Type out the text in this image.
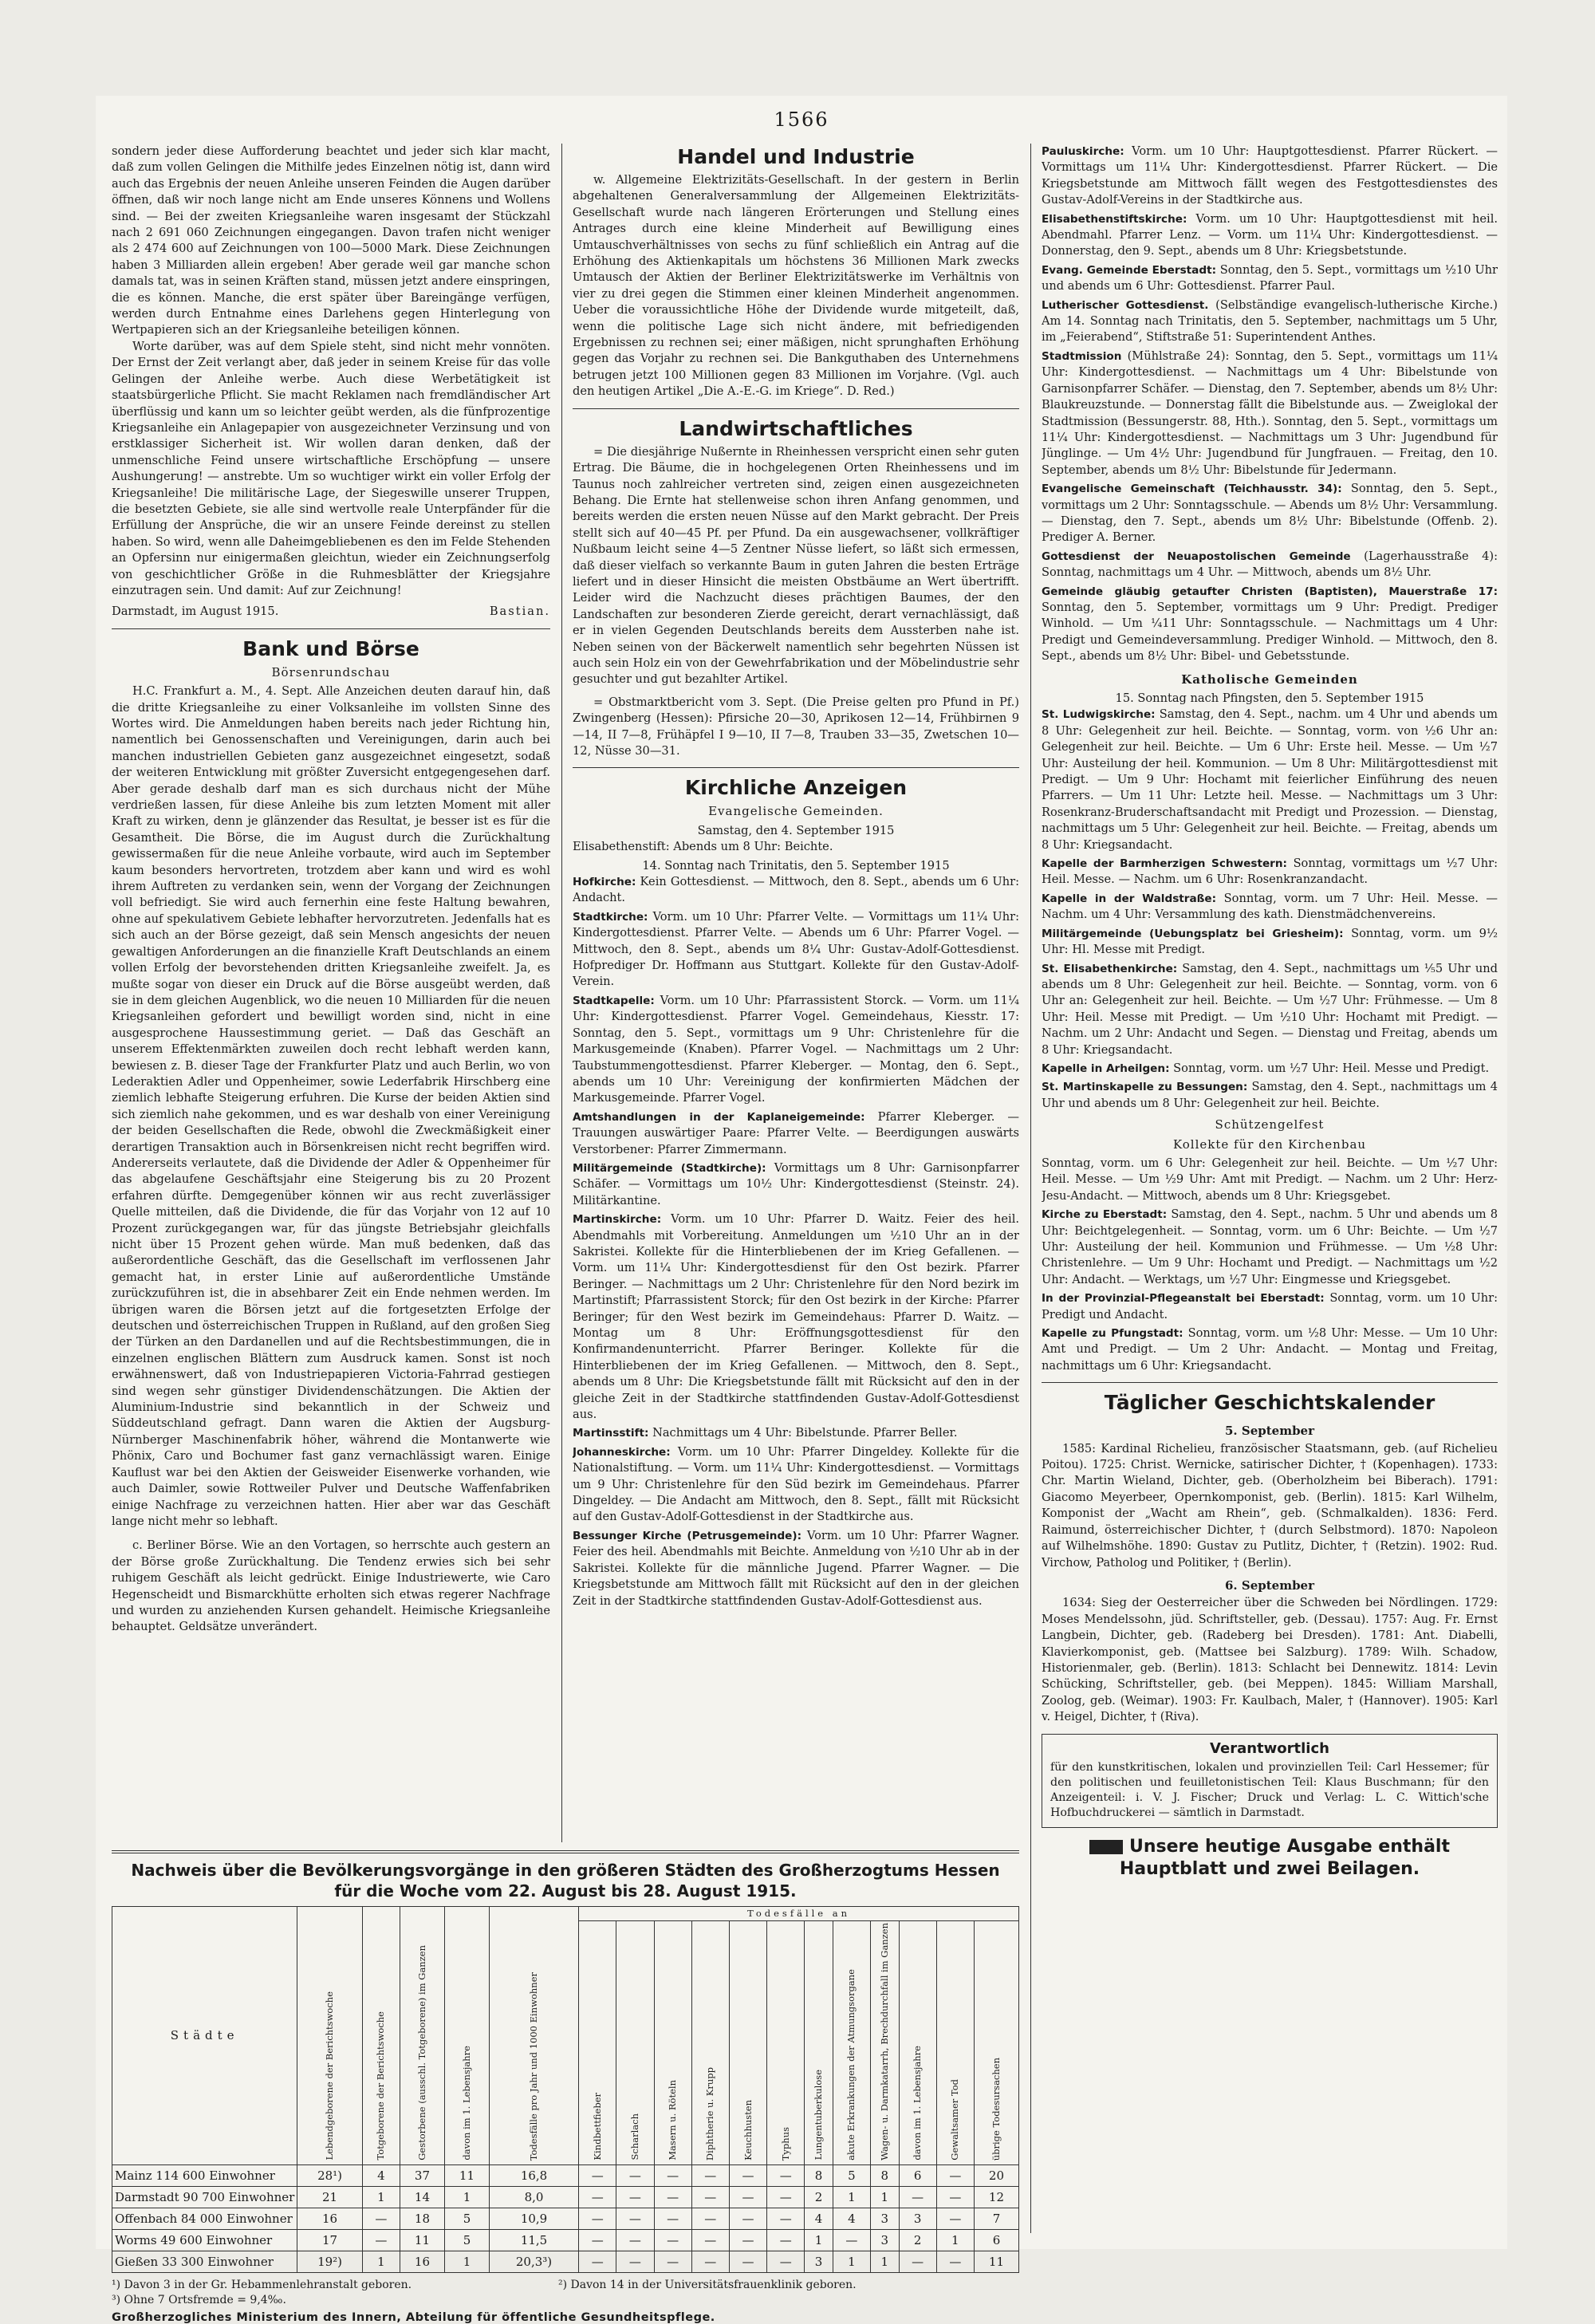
1566

sondern jeder diese Aufforderung beachtet und jeder sich klar macht, daß zum vollen Gelingen die Mithilfe jedes Einzelnen nötig ist, dann wird auch das Ergebnis der neuen Anleihe unseren Feinden die Augen darüber öffnen, daß wir noch lange nicht am Ende unseres Könnens und Wollens sind. — Bei der zweiten Kriegsanleihe waren insgesamt der Stückzahl nach 2 691 060 Zeichnungen eingegangen. Davon trafen nicht weniger als 2 474 600 auf Zeichnungen von 100—5000 Mark. Diese Zeichnungen haben 3 Milliarden allein ergeben! Aber gerade weil gar manche schon damals tat, was in seinen Kräften stand, müssen jetzt andere einspringen, die es können. Manche, die erst später über Bareingänge verfügen, werden durch Entnahme eines Darlehens gegen Hinterlegung von Wertpapieren sich an der Kriegsanleihe beteiligen können.

Worte darüber, was auf dem Spiele steht, sind nicht mehr vonnöten. Der Ernst der Zeit verlangt aber, daß jeder in seinem Kreise für das volle Gelingen der Anleihe werbe. Auch diese Werbetätigkeit ist staatsbürgerliche Pflicht. Sie macht Reklamen nach fremdländischer Art überflüssig und kann um so leichter geübt werden, als die fünfprozentige Kriegsanleihe ein Anlagepapier von ausgezeichneter Verzinsung und von erstklassiger Sicherheit ist. Wir wollen daran denken, daß der unmenschliche Feind unsere wirtschaftliche Erschöpfung — unsere Aushungerung! — anstrebte. Um so wuchtiger wirkt ein voller Erfolg der Kriegsanleihe! Die militärische Lage, der Siegeswille unserer Truppen, die besetzten Gebiete, sie alle sind wertvolle reale Unterpfänder für die Erfüllung der Ansprüche, die wir an unsere Feinde dereinst zu stellen haben. So wird, wenn alle Daheimgebliebenen es den im Felde Stehenden an Opfersinn nur einigermaßen gleichtun, wieder ein Zeichnungserfolg von geschichtlicher Größe in die Ruhmesblätter der Kriegsjahre einzutragen sein. Und damit: Auf zur Zeichnung!

Darmstadt, im August 1915.	Bastian.
Bank und Börse
Börsenrundschau

H.C. Frankfurt a. M., 4. Sept. Alle Anzeichen deuten darauf hin, daß die dritte Kriegsanleihe zu einer Volksanleihe im vollsten Sinne des Wortes wird. Die Anmeldungen haben bereits nach jeder Richtung hin, namentlich bei Genossenschaften und Vereinigungen, darin auch bei manchen industriellen Gebieten ganz ausgezeichnet eingesetzt, sodaß der weiteren Entwicklung mit größter Zuversicht entgegengesehen darf. Aber gerade deshalb darf man es sich durchaus nicht der Mühe verdrießen lassen, für diese Anleihe bis zum letzten Moment mit aller Kraft zu wirken, denn je glänzender das Resultat, je besser ist es für die Gesamtheit. Die Börse, die im August durch die Zurückhaltung gewissermaßen für die neue Anleihe vorbaute, wird auch im September kaum besonders hervortreten, trotzdem aber kann und wird es wohl ihrem Auftreten zu verdanken sein, wenn der Vorgang der Zeichnungen voll befriedigt. Sie wird auch fernerhin eine feste Haltung bewahren, ohne auf spekulativem Gebiete lebhafter hervorzutreten. Jedenfalls hat es sich auch an der Börse gezeigt, daß sein Mensch angesichts der neuen gewaltigen Anforderungen an die finanzielle Kraft Deutschlands an einem vollen Erfolg der bevorstehenden dritten Kriegsanleihe zweifelt. Ja, es mußte sogar von dieser ein Druck auf die Börse ausgeübt werden, daß sie in dem gleichen Augenblick, wo die neuen 10 Milliarden für die neuen Kriegsanleihen gefordert und bewilligt worden sind, nicht in eine ausgesprochene Haussestimmung geriet. — Daß das Geschäft an unserem Effektenmärkten zuweilen doch recht lebhaft werden kann, bewiesen z. B. dieser Tage der Frankfurter Platz und auch Berlin, wo von Lederaktien Adler und Oppenheimer, sowie Lederfabrik Hirschberg eine ziemlich lebhafte Steigerung erfuhren. Die Kurse der beiden Aktien sind sich ziemlich nahe gekommen, und es war deshalb von einer Vereinigung der beiden Gesellschaften die Rede, obwohl die Zweckmäßigkeit einer derartigen Transaktion auch in Börsenkreisen nicht recht begriffen wird. Andererseits verlautete, daß die Dividende der Adler & Oppenheimer für das abgelaufene Geschäftsjahr eine Steigerung bis zu 20 Prozent erfahren dürfte. Demgegenüber können wir aus recht zuverlässiger Quelle mitteilen, daß die Dividende, die für das Vorjahr von 12 auf 10 Prozent zurückgegangen war, für das jüngste Betriebsjahr gleichfalls nicht über 15 Prozent gehen würde. Man muß bedenken, daß das außerordentliche Geschäft, das die Gesellschaft im verflossenen Jahr gemacht hat, in erster Linie auf außerordentliche Umstände zurückzuführen ist, die in absehbarer Zeit ein Ende nehmen werden. Im übrigen waren die Börsen jetzt auf die fortgesetzten Erfolge der deutschen und österreichischen Truppen in Rußland, auf den großen Sieg der Türken an den Dardanellen und auf die Rechtsbestimmungen, die in einzelnen englischen Blättern zum Ausdruck kamen. Sonst ist noch erwähnenswert, daß von Industriepapieren Victoria-Fahrrad gestiegen sind wegen sehr günstiger Dividendenschätzungen. Die Aktien der Aluminium-Industrie sind bekanntlich in der Schweiz und Süddeutschland gefragt. Dann waren die Aktien der Augsburg-Nürnberger Maschinenfabrik höher, während die Montanwerte wie Phönix, Caro und Bochumer fast ganz vernachlässigt waren. Einige Kauflust war bei den Aktien der Geisweider Eisenwerke vorhanden, wie auch Daimler, sowie Rottweiler Pulver und Deutsche Waffenfabriken einige Nachfrage zu verzeichnen hatten. Hier aber war das Geschäft lange nicht mehr so lebhaft.

c. Berliner Börse. Wie an den Vortagen, so herrschte auch gestern an der Börse große Zurückhaltung. Die Tendenz erwies sich bei sehr ruhigem Geschäft als leicht gedrückt. Einige Industriewerte, wie Caro Hegenscheidt und Bismarckhütte erholten sich etwas regerer Nachfrage und wurden zu anziehenden Kursen gehandelt. Heimische Kriegsanleihe behauptet. Geldsätze unverändert.

Handel und Industrie

w. Allgemeine Elektrizitäts-Gesellschaft. In der gestern in Berlin abgehaltenen Generalversammlung der Allgemeinen Elektrizitäts-Gesellschaft wurde nach längeren Erörterungen und Stellung eines Antrages durch eine kleine Minderheit auf Bewilligung eines Umtauschverhältnisses von sechs zu fünf schließlich ein Antrag auf die Erhöhung des Aktienkapitals um höchstens 36 Millionen Mark zwecks Umtausch der Aktien der Berliner Elektrizitätswerke im Verhältnis von vier zu drei gegen die Stimmen einer kleinen Minderheit angenommen. Ueber die voraussichtliche Höhe der Dividende wurde mitgeteilt, daß, wenn die politische Lage sich nicht ändere, mit befriedigenden Ergebnissen zu rechnen sei; einer mäßigen, nicht sprunghaften Erhöhung gegen das Vorjahr zu rechnen sei. Die Bankguthaben des Unternehmens betrugen jetzt 100 Millionen gegen 83 Millionen im Vorjahre. (Vgl. auch den heutigen Artikel „Die A.-E.-G. im Kriege“. D. Red.)

Landwirtschaftliches

= Die diesjährige Nußernte in Rheinhessen verspricht einen sehr guten Ertrag. Die Bäume, die in hochgelegenen Orten Rheinhessens und im Taunus noch zahlreicher vertreten sind, zeigen einen ausgezeichneten Behang. Die Ernte hat stellenweise schon ihren Anfang genommen, und bereits werden die ersten neuen Nüsse auf den Markt gebracht. Der Preis stellt sich auf 40—45 Pf. per Pfund. Da ein ausgewachsener, vollkräftiger Nußbaum leicht seine 4—5 Zentner Nüsse liefert, so läßt sich ermessen, daß dieser vielfach so verkannte Baum in guten Jahren die besten Erträge liefert und in dieser Hinsicht die meisten Obstbäume an Wert übertrifft. Leider wird die Nachzucht dieses prächtigen Baumes, der den Landschaften zur besonderen Zierde gereicht, derart vernachlässigt, daß er in vielen Gegenden Deutschlands bereits dem Aussterben nahe ist. Neben seinen von der Bäckerwelt namentlich sehr begehrten Nüssen ist auch sein Holz ein von der Gewehrfabrikation und der Möbelindustrie sehr gesuchter und gut bezahlter Artikel.

= Obstmarktbericht vom 3. Sept. (Die Preise gelten pro Pfund in Pf.) Zwingenberg (Hessen): Pfirsiche 20—30, Aprikosen 12—14, Frühbirnen 9—14, II 7—8, Frühäpfel I 9—10, II 7—8, Trauben 33—35, Zwetschen 10—12, Nüsse 30—31.

Kirchliche Anzeigen
Evangelische Gemeinden.

Samstag, den 4. September 1915

Elisabethenstift: Abends um 8 Uhr: Beichte.

14. Sonntag nach Trinitatis, den 5. September 1915

Hofkirche: Kein Gottesdienst. — Mittwoch, den 8. Sept., abends um 6 Uhr: Andacht.

Stadtkirche: Vorm. um 10 Uhr: Pfarrer Velte. — Vormittags um 11¼ Uhr: Kindergottesdienst. Pfarrer Velte. — Abends um 6 Uhr: Pfarrer Vogel. — Mittwoch, den 8. Sept., abends um 8¼ Uhr: Gustav-Adolf-Gottesdienst. Hofprediger Dr. Hoffmann aus Stuttgart. Kollekte für den Gustav-Adolf-Verein.

Stadtkapelle: Vorm. um 10 Uhr: Pfarrassistent Storck. — Vorm. um 11¼ Uhr: Kindergottesdienst. Pfarrer Vogel. Gemeindehaus, Kiesstr. 17: Sonntag, den 5. Sept., vormittags um 9 Uhr: Christenlehre für die Markusgemeinde (Knaben). Pfarrer Vogel. — Nachmittags um 2 Uhr: Taubstummengottesdienst. Pfarrer Kleberger. — Montag, den 6. Sept., abends um 10 Uhr: Vereinigung der konfirmierten Mädchen der Markusgemeinde. Pfarrer Vogel.

Amtshandlungen in der Kaplaneigemeinde: Pfarrer Kleberger. — Trauungen auswärtiger Paare: Pfarrer Velte. — Beerdigungen auswärts Verstorbener: Pfarrer Zimmermann.

Militärgemeinde (Stadtkirche): Vormittags um 8 Uhr: Garnisonpfarrer Schäfer. — Vormittags um 10½ Uhr: Kindergottesdienst (Steinstr. 24). Militärkantine.

Martinskirche: Vorm. um 10 Uhr: Pfarrer D. Waitz. Feier des heil. Abendmahls mit Vorbereitung. Anmeldungen um ½10 Uhr an in der Sakristei. Kollekte für die Hinterbliebenen der im Krieg Gefallenen. — Vorm. um 11¼ Uhr: Kindergottesdienst für den Ost bezirk. Pfarrer Beringer. — Nachmittags um 2 Uhr: Christenlehre für den Nord bezirk im Martinstift; Pfarrassistent Storck; für den Ost bezirk in der Kirche: Pfarrer Beringer; für den West bezirk im Gemeindehaus: Pfarrer D. Waitz. — Montag um 8 Uhr: Eröffnungsgottesdienst für den Konfirmandenunterricht. Pfarrer Beringer. Kollekte für die Hinterbliebenen der im Krieg Gefallenen. — Mittwoch, den 8. Sept., abends um 8 Uhr: Die Kriegsbetstunde fällt mit Rücksicht auf den in der gleiche Zeit in der Stadtkirche stattfindenden Gustav-Adolf-Gottesdienst aus.

Martinsstift: Nachmittags um 4 Uhr: Bibelstunde. Pfarrer Beller.

Johanneskirche: Vorm. um 10 Uhr: Pfarrer Dingeldey. Kollekte für die Nationalstiftung. — Vorm. um 11¼ Uhr: Kindergottesdienst. — Vormittags um 9 Uhr: Christenlehre für den Süd bezirk im Gemeindehaus. Pfarrer Dingeldey. — Die Andacht am Mittwoch, den 8. Sept., fällt mit Rücksicht auf den Gustav-Adolf-Gottesdienst in der Stadtkirche aus.

Bessunger Kirche (Petrusgemeinde): Vorm. um 10 Uhr: Pfarrer Wagner. Feier des heil. Abendmahls mit Beichte. Anmeldung von ½10 Uhr ab in der Sakristei. Kollekte für die männliche Jugend. Pfarrer Wagner. — Die Kriegsbetstunde am Mittwoch fällt mit Rücksicht auf den in der gleichen Zeit in der Stadtkirche stattfindenden Gustav-Adolf-Gottesdienst aus.

Pauluskirche: Vorm. um 10 Uhr: Hauptgottesdienst. Pfarrer Rückert. — Vormittags um 11¼ Uhr: Kindergottesdienst. Pfarrer Rückert. — Die Kriegsbetstunde am Mittwoch fällt wegen des Festgottesdienstes des Gustav-Adolf-Vereins in der Stadtkirche aus.

Elisabethenstiftskirche: Vorm. um 10 Uhr: Hauptgottesdienst mit heil. Abendmahl. Pfarrer Lenz. — Vorm. um 11¼ Uhr: Kindergottesdienst. — Donnerstag, den 9. Sept., abends um 8 Uhr: Kriegsbetstunde.

Evang. Gemeinde Eberstadt: Sonntag, den 5. Sept., vormittags um ½10 Uhr und abends um 6 Uhr: Gottesdienst. Pfarrer Paul.

Lutherischer Gottesdienst. (Selbständige evangelisch-lutherische Kirche.) Am 14. Sonntag nach Trinitatis, den 5. September, nachmittags um 5 Uhr, im „Feierabend“, Stiftstraße 51: Superintendent Anthes.

Stadtmission (Mühlstraße 24): Sonntag, den 5. Sept., vormittags um 11¼ Uhr: Kindergottesdienst. — Nachmittags um 4 Uhr: Bibelstunde von Garnisonpfarrer Schäfer. — Dienstag, den 7. September, abends um 8½ Uhr: Blaukreuzstunde. — Donnerstag fällt die Bibelstunde aus. — Zweiglokal der Stadtmission (Bessungerstr. 88, Hth.). Sonntag, den 5. Sept., vormittags um 11¼ Uhr: Kindergottesdienst. — Nachmittags um 3 Uhr: Jugendbund für Jünglinge. — Um 4½ Uhr: Jugendbund für Jungfrauen. — Freitag, den 10. September, abends um 8½ Uhr: Bibelstunde für Jedermann.

Evangelische Gemeinschaft (Teichhausstr. 34): Sonntag, den 5. Sept., vormittags um 2 Uhr: Sonntagsschule. — Abends um 8½ Uhr: Versammlung. — Dienstag, den 7. Sept., abends um 8½ Uhr: Bibelstunde (Offenb. 2). Prediger A. Berner.

Gottesdienst der Neuapostolischen Gemeinde (Lagerhausstraße 4): Sonntag, nachmittags um 4 Uhr. — Mittwoch, abends um 8½ Uhr.

Gemeinde gläubig getaufter Christen (Baptisten), Mauerstraße 17: Sonntag, den 5. September, vormittags um 9 Uhr: Predigt. Prediger Winhold. — Um ¼11 Uhr: Sonntagsschule. — Nachmittags um 4 Uhr: Predigt und Gemeindeversammlung. Prediger Winhold. — Mittwoch, den 8. Sept., abends um 8½ Uhr: Bibel- und Gebetsstunde.

Katholische Gemeinden

15. Sonntag nach Pfingsten, den 5. September 1915

St. Ludwigskirche: Samstag, den 4. Sept., nachm. um 4 Uhr und abends um 8 Uhr: Gelegenheit zur heil. Beichte. — Sonntag, vorm. von ½6 Uhr an: Gelegenheit zur heil. Beichte. — Um 6 Uhr: Erste heil. Messe. — Um ½7 Uhr: Austeilung der heil. Kommunion. — Um 8 Uhr: Militärgottesdienst mit Predigt. — Um 9 Uhr: Hochamt mit feierlicher Einführung des neuen Pfarrers. — Um 11 Uhr: Letzte heil. Messe. — Nachmittags um 3 Uhr: Rosenkranz-Bruderschaftsandacht mit Predigt und Prozession. — Dienstag, nachmittags um 5 Uhr: Gelegenheit zur heil. Beichte. — Freitag, abends um 8 Uhr: Kriegsandacht.

Kapelle der Barmherzigen Schwestern: Sonntag, vormittags um ½7 Uhr: Heil. Messe. — Nachm. um 6 Uhr: Rosenkranzandacht.

Kapelle in der Waldstraße: Sonntag, vorm. um 7 Uhr: Heil. Messe. — Nachm. um 4 Uhr: Versammlung des kath. Dienstmädchenvereins.

Militärgemeinde (Uebungsplatz bei Griesheim): Sonntag, vorm. um 9½ Uhr: Hl. Messe mit Predigt.

St. Elisabethenkirche: Samstag, den 4. Sept., nachmittags um ⅕5 Uhr und abends um 8 Uhr: Gelegenheit zur heil. Beichte. — Sonntag, vorm. von 6 Uhr an: Gelegenheit zur heil. Beichte. — Um ½7 Uhr: Frühmesse. — Um 8 Uhr: Heil. Messe mit Predigt. — Um ½10 Uhr: Hochamt mit Predigt. — Nachm. um 2 Uhr: Andacht und Segen. — Dienstag und Freitag, abends um 8 Uhr: Kriegsandacht.

Kapelle in Arheilgen: Sonntag, vorm. um ½7 Uhr: Heil. Messe und Predigt.

St. Martinskapelle zu Bessungen: Samstag, den 4. Sept., nachmittags um 4 Uhr und abends um 8 Uhr: Gelegenheit zur heil. Beichte.

Schützengelfest
Kollekte für den Kirchenbau

Sonntag, vorm. um 6 Uhr: Gelegenheit zur heil. Beichte. — Um ½7 Uhr: Heil. Messe. — Um ½9 Uhr: Amt mit Predigt. — Nachm. um 2 Uhr: Herz-Jesu-Andacht. — Mittwoch, abends um 8 Uhr: Kriegsgebet.

Kirche zu Eberstadt: Samstag, den 4. Sept., nachm. 5 Uhr und abends um 8 Uhr: Beichtgelegenheit. — Sonntag, vorm. um 6 Uhr: Beichte. — Um ½7 Uhr: Austeilung der heil. Kommunion und Frühmesse. — Um ½8 Uhr: Christenlehre. — Um 9 Uhr: Hochamt und Predigt. — Nachmittags um ½2 Uhr: Andacht. — Werktags, um ½7 Uhr: Eingmesse und Kriegsgebet.

In der Provinzial-Pflegeanstalt bei Eberstadt: Sonntag, vorm. um 10 Uhr: Predigt und Andacht.

Kapelle zu Pfungstadt: Sonntag, vorm. um ½8 Uhr: Messe. — Um 10 Uhr: Amt und Predigt. — Um 2 Uhr: Andacht. — Montag und Freitag, nachmittags um 6 Uhr: Kriegsandacht.

Täglicher Geschichtskalender
5. September

1585: Kardinal Richelieu, französischer Staatsmann, geb. (auf Richelieu Poitou). 1725: Christ. Wernicke, satirischer Dichter, † (Kopenhagen). 1733: Chr. Martin Wieland, Dichter, geb. (Oberholzheim bei Biberach). 1791: Giacomo Meyerbeer, Opernkomponist, geb. (Berlin). 1815: Karl Wilhelm, Komponist der „Wacht am Rhein“, geb. (Schmalkalden). 1836: Ferd. Raimund, österreichischer Dichter, † (durch Selbstmord). 1870: Napoleon auf Wilhelmshöhe. 1890: Gustav zu Putlitz, Dichter, † (Retzin). 1902: Rud. Virchow, Patholog und Politiker, † (Berlin).

6. September

1634: Sieg der Oesterreicher über die Schweden bei Nördlingen. 1729: Moses Mendelssohn, jüd. Schriftsteller, geb. (Dessau). 1757: Aug. Fr. Ernst Langbein, Dichter, geb. (Radeberg bei Dresden). 1781: Ant. Diabelli, Klavierkomponist, geb. (Mattsee bei Salzburg). 1789: Wilh. Schadow, Historienmaler, geb. (Berlin). 1813: Schlacht bei Dennewitz. 1814: Levin Schücking, Schriftsteller, geb. (bei Meppen). 1845: William Marshall, Zoolog, geb. (Weimar). 1903: Fr. Kaulbach, Maler, † (Hannover). 1905: Karl v. Heigel, Dichter, † (Riva).

Verantwortlich

für den kunstkritischen, lokalen und provinziellen Teil: Carl Hessemer; für den politischen und feuilletonistischen Teil: Klaus Buschmann; für den Anzeigenteil: i. V. J. Fischer; Druck und Verlag: L. C. Wittich'sche Hofbuchdruckerei — sämtlich in Darmstadt.

Unsere heutige Ausgabe enthält Hauptblatt und zwei Beilagen.
Nachweis über die Bevölkerungsvorgänge in den größeren Städten des Großherzogtums Hessen
für die Woche vom 22. August bis 28. August 1915.
Städte	Lebendgeborene der Berichtswoche	Totgeborene der Berichtswoche	Gestorbene (ausschl. Totgeborene) im Ganzen	davon im 1. Lebensjahre	Todesfälle pro Jahr und 1000 Einwohner	Todesfälle an											
						Kindbettfieber	Scharlach	Masern u. Röteln	Diphtherie u. Krupp	Keuchhusten	Typhus	Lungentuberkulose	akute Erkrankungen der Atmungsorgane	Wagen- u. Darmkatarrh, Brechdurchfall im Ganzen	davon im 1. Lebensjahre	Gewaltsamer Tod	übrige Todesursachen
Mainz 114 600 Einwohner	28¹)	4	37	11	16,8	—	—	—	—	—	—	8	5	8	6	—	20
Darmstadt 90 700 Einwohner	21	1	14	1	8,0	—	—	—	—	—	—	2	1	1	—	—	12
Offenbach 84 000 Einwohner	16	—	18	5	10,9	—	—	—	—	—	—	4	4	3	3	—	7
Worms 49 600 Einwohner	17	—	11	5	11,5	—	—	—	—	—	—	1	—	3	2	1	6
Gießen 33 300 Einwohner	19²)	1	16	1	20,3³)	—	—	—	—	—	—	3	1	1	—	—	11
¹) Davon 3 in der Gr. Hebammenlehranstalt geboren.	²) Davon 14 in der Universitätsfrauenklinik geboren.
³) Ohne 7 Ortsfremde = 9,4‰.
Großherzogliches Ministerium des Innern, Abteilung für öffentliche Gesundheitspflege.
